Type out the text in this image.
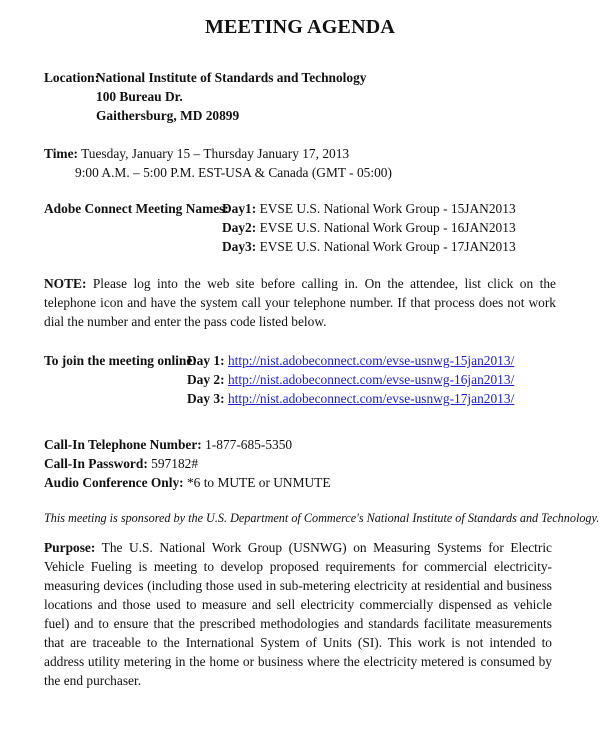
MEETING AGENDA
Location:
National Institute of Standards and Technology
100 Bureau Dr.
Gaithersburg, MD 20899
Time: Tuesday, January 15 – Thursday January 17, 2013
9:00 A.M. – 5:00 P.M. EST-USA & Canada (GMT - 05:00)
Adobe Connect Meeting Names:
Day1: EVSE U.S. National Work Group - 15JAN2013
Day2: EVSE U.S. National Work Group - 16JAN2013
Day3: EVSE U.S. National Work Group - 17JAN2013
NOTE: Please log into the web site before calling in. On the attendee, list click on the telephone icon and have the system call your telephone number. If that process does not work dial the number and enter the pass code listed below.
To join the meeting online:
Day 1: http://nist.adobeconnect.com/evse-usnwg-15jan2013/
Day 2: http://nist.adobeconnect.com/evse-usnwg-16jan2013/
Day 3: http://nist.adobeconnect.com/evse-usnwg-17jan2013/
Call-In Telephone Number: 1-877-685-5350
Call-In Password: 597182#
Audio Conference Only: *6 to MUTE or UNMUTE
This meeting is sponsored by the U.S. Department of Commerce's National Institute of Standards and Technology.

Purpose: The U.S. National Work Group (USNWG) on Measuring Systems for Electric Vehicle Fueling is meeting to develop proposed requirements for commercial electricity-measuring devices (including those used in sub-metering electricity at residential and business locations and those used to measure and sell electricity commercially dispensed as vehicle fuel) and to ensure that the prescribed methodologies and standards facilitate measurements that are traceable to the International System of Units (SI). This work is not intended to address utility metering in the home or business where the electricity metered is consumed by the end purchaser.
